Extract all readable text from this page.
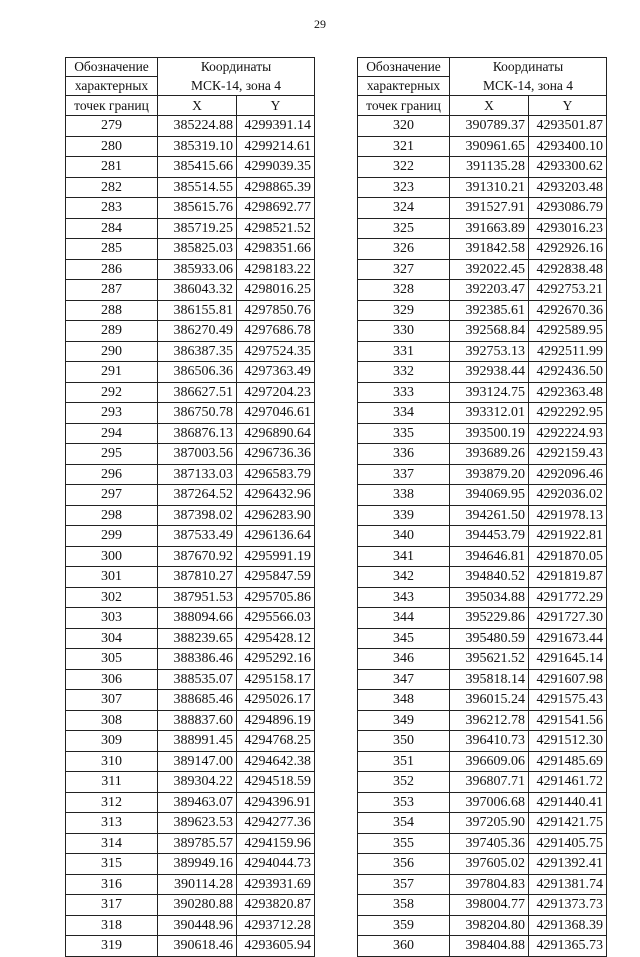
29
Обозначение	Координаты	
характерных	МСК-14, зона 4	
точек границ	X	Y
279	385224.88	4299391.14
280	385319.10	4299214.61
281	385415.66	4299039.35
282	385514.55	4298865.39
283	385615.76	4298692.77
284	385719.25	4298521.52
285	385825.03	4298351.66
286	385933.06	4298183.22
287	386043.32	4298016.25
288	386155.81	4297850.76
289	386270.49	4297686.78
290	386387.35	4297524.35
291	386506.36	4297363.49
292	386627.51	4297204.23
293	386750.78	4297046.61
294	386876.13	4296890.64
295	387003.56	4296736.36
296	387133.03	4296583.79
297	387264.52	4296432.96
298	387398.02	4296283.90
299	387533.49	4296136.64
300	387670.92	4295991.19
301	387810.27	4295847.59
302	387951.53	4295705.86
303	388094.66	4295566.03
304	388239.65	4295428.12
305	388386.46	4295292.16
306	388535.07	4295158.17
307	388685.46	4295026.17
308	388837.60	4294896.19
309	388991.45	4294768.25
310	389147.00	4294642.38
311	389304.22	4294518.59
312	389463.07	4294396.91
313	389623.53	4294277.36
314	389785.57	4294159.96
315	389949.16	4294044.73
316	390114.28	4293931.69
317	390280.88	4293820.87
318	390448.96	4293712.28
319	390618.46	4293605.94
Обозначение	Координаты	
характерных	МСК-14, зона 4	
точек границ	X	Y
320	390789.37	4293501.87
321	390961.65	4293400.10
322	391135.28	4293300.62
323	391310.21	4293203.48
324	391527.91	4293086.79
325	391663.89	4293016.23
326	391842.58	4292926.16
327	392022.45	4292838.48
328	392203.47	4292753.21
329	392385.61	4292670.36
330	392568.84	4292589.95
331	392753.13	4292511.99
332	392938.44	4292436.50
333	393124.75	4292363.48
334	393312.01	4292292.95
335	393500.19	4292224.93
336	393689.26	4292159.43
337	393879.20	4292096.46
338	394069.95	4292036.02
339	394261.50	4291978.13
340	394453.79	4291922.81
341	394646.81	4291870.05
342	394840.52	4291819.87
343	395034.88	4291772.29
344	395229.86	4291727.30
345	395480.59	4291673.44
346	395621.52	4291645.14
347	395818.14	4291607.98
348	396015.24	4291575.43
349	396212.78	4291541.56
350	396410.73	4291512.30
351	396609.06	4291485.69
352	396807.71	4291461.72
353	397006.68	4291440.41
354	397205.90	4291421.75
355	397405.36	4291405.75
356	397605.02	4291392.41
357	397804.83	4291381.74
358	398004.77	4291373.73
359	398204.80	4291368.39
360	398404.88	4291365.73
